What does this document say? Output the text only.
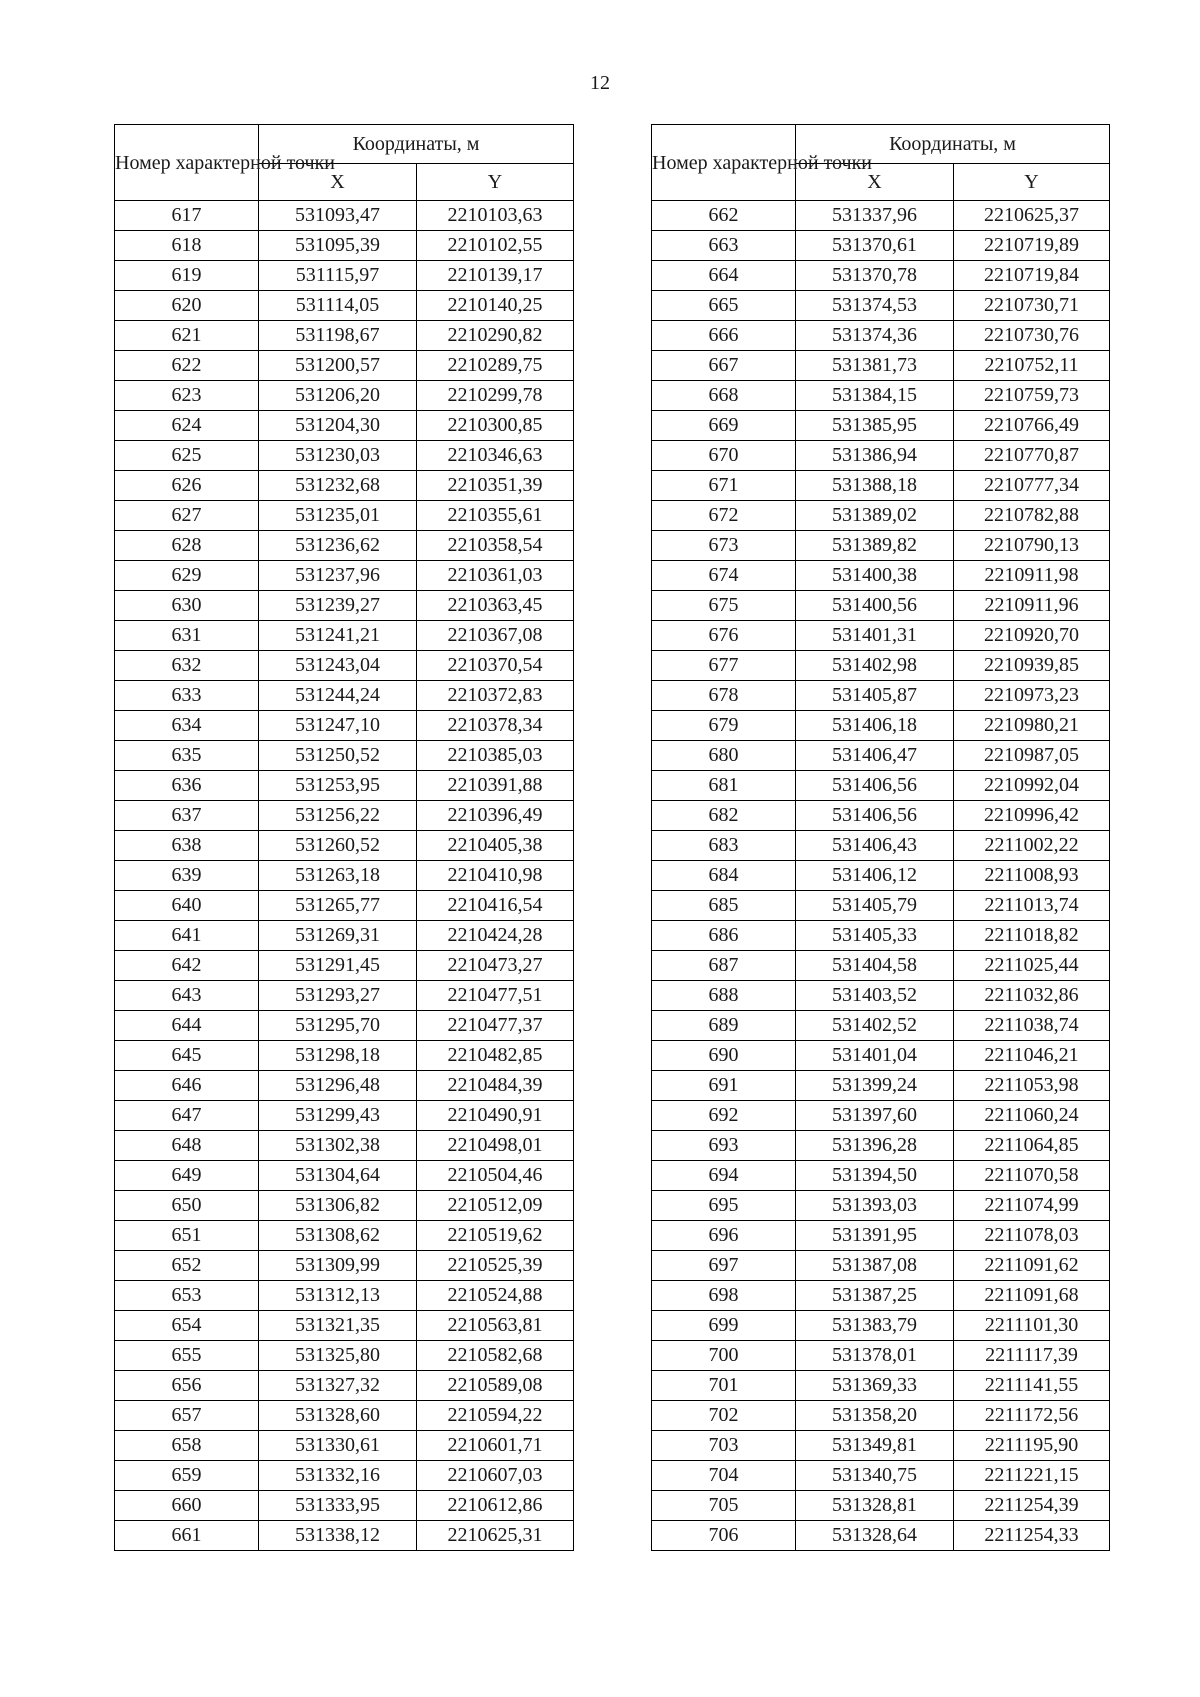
12
Номер характерной точки	Координаты, м	
	X	Y
617	531093,47	2210103,63
618	531095,39	2210102,55
619	531115,97	2210139,17
620	531114,05	2210140,25
621	531198,67	2210290,82
622	531200,57	2210289,75
623	531206,20	2210299,78
624	531204,30	2210300,85
625	531230,03	2210346,63
626	531232,68	2210351,39
627	531235,01	2210355,61
628	531236,62	2210358,54
629	531237,96	2210361,03
630	531239,27	2210363,45
631	531241,21	2210367,08
632	531243,04	2210370,54
633	531244,24	2210372,83
634	531247,10	2210378,34
635	531250,52	2210385,03
636	531253,95	2210391,88
637	531256,22	2210396,49
638	531260,52	2210405,38
639	531263,18	2210410,98
640	531265,77	2210416,54
641	531269,31	2210424,28
642	531291,45	2210473,27
643	531293,27	2210477,51
644	531295,70	2210477,37
645	531298,18	2210482,85
646	531296,48	2210484,39
647	531299,43	2210490,91
648	531302,38	2210498,01
649	531304,64	2210504,46
650	531306,82	2210512,09
651	531308,62	2210519,62
652	531309,99	2210525,39
653	531312,13	2210524,88
654	531321,35	2210563,81
655	531325,80	2210582,68
656	531327,32	2210589,08
657	531328,60	2210594,22
658	531330,61	2210601,71
659	531332,16	2210607,03
660	531333,95	2210612,86
661	531338,12	2210625,31
Номер характерной точки	Координаты, м	
	X	Y
662	531337,96	2210625,37
663	531370,61	2210719,89
664	531370,78	2210719,84
665	531374,53	2210730,71
666	531374,36	2210730,76
667	531381,73	2210752,11
668	531384,15	2210759,73
669	531385,95	2210766,49
670	531386,94	2210770,87
671	531388,18	2210777,34
672	531389,02	2210782,88
673	531389,82	2210790,13
674	531400,38	2210911,98
675	531400,56	2210911,96
676	531401,31	2210920,70
677	531402,98	2210939,85
678	531405,87	2210973,23
679	531406,18	2210980,21
680	531406,47	2210987,05
681	531406,56	2210992,04
682	531406,56	2210996,42
683	531406,43	2211002,22
684	531406,12	2211008,93
685	531405,79	2211013,74
686	531405,33	2211018,82
687	531404,58	2211025,44
688	531403,52	2211032,86
689	531402,52	2211038,74
690	531401,04	2211046,21
691	531399,24	2211053,98
692	531397,60	2211060,24
693	531396,28	2211064,85
694	531394,50	2211070,58
695	531393,03	2211074,99
696	531391,95	2211078,03
697	531387,08	2211091,62
698	531387,25	2211091,68
699	531383,79	2211101,30
700	531378,01	2211117,39
701	531369,33	2211141,55
702	531358,20	2211172,56
703	531349,81	2211195,90
704	531340,75	2211221,15
705	531328,81	2211254,39
706	531328,64	2211254,33
